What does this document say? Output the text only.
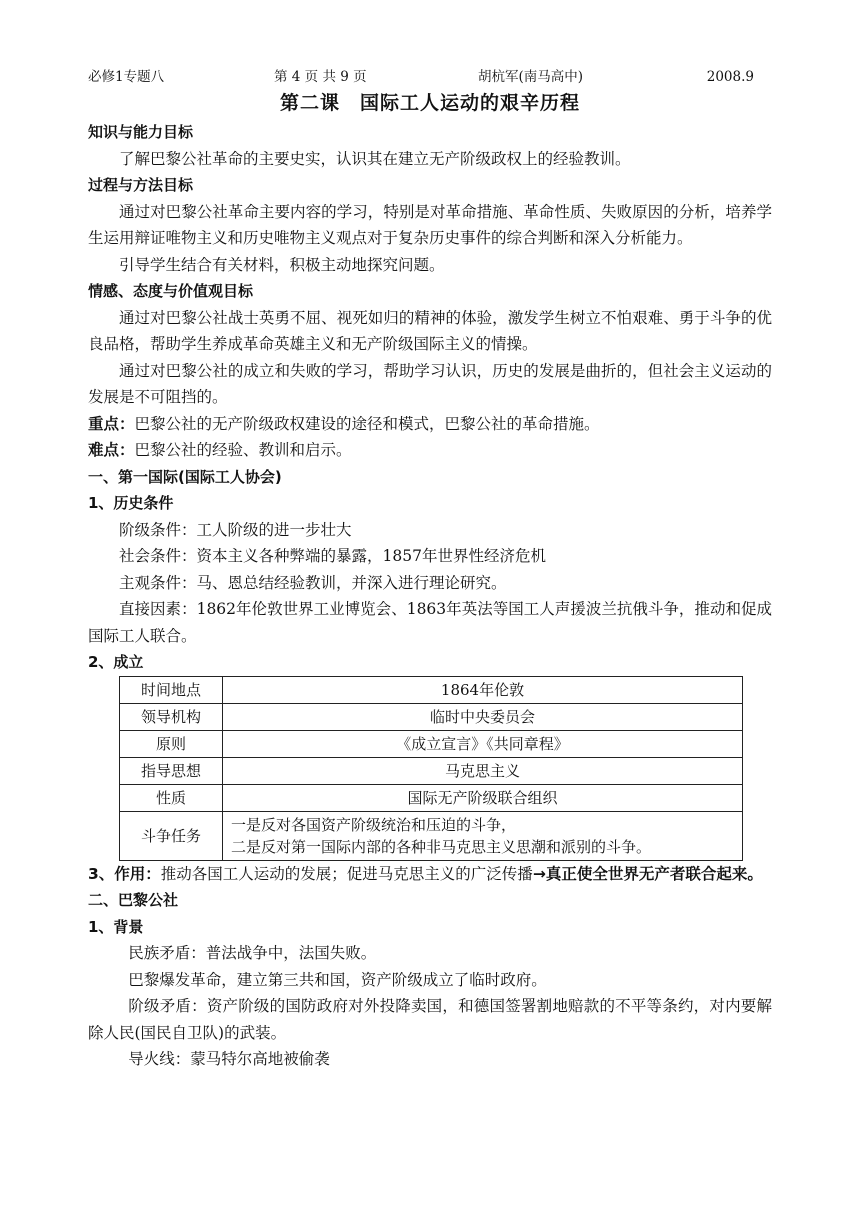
必修1专题八	第 4 页 共 9 页	胡杭军(南马高中)	2008.9
第二课　国际工人运动的艰辛历程

知识与能力目标

了解巴黎公社革命的主要史实，认识其在建立无产阶级政权上的经验教训。

过程与方法目标

通过对巴黎公社革命主要内容的学习，特别是对革命措施、革命性质、失败原因的分析，培养学生运用辩证唯物主义和历史唯物主义观点对于复杂历史事件的综合判断和深入分析能力。

引导学生结合有关材料，积极主动地探究问题。

情感、态度与价值观目标

通过对巴黎公社战士英勇不屈、视死如归的精神的体验，激发学生树立不怕艰难、勇于斗争的优良品格，帮助学生养成革命英雄主义和无产阶级国际主义的情操。

通过对巴黎公社的成立和失败的学习，帮助学习认识，历史的发展是曲折的，但社会主义运动的发展是不可阻挡的。

重点：巴黎公社的无产阶级政权建设的途径和模式，巴黎公社的革命措施。

难点：巴黎公社的经验、教训和启示。

一、第一国际(国际工人协会)

1、历史条件

阶级条件：工人阶级的进一步壮大

社会条件：资本主义各种弊端的暴露，1857年世界性经济危机

主观条件：马、恩总结经验教训，并深入进行理论研究。

直接因素：1862年伦敦世界工业博览会、1863年英法等国工人声援波兰抗俄斗争，推动和促成国际工人联合。

2、成立

时间地点	1864年伦敦
领导机构	临时中央委员会
原则	《成立宣言》《共同章程》
指导思想	马克思主义
性质	国际无产阶级联合组织
斗争任务	一是反对各国资产阶级统治和压迫的斗争，
二是反对第一国际内部的各种非马克思主义思潮和派别的斗争。

3、作用：推动各国工人运动的发展；促进马克思主义的广泛传播→真正使全世界无产者联合起来。

二、巴黎公社

1、背景

民族矛盾：普法战争中，法国失败。

巴黎爆发革命，建立第三共和国，资产阶级成立了临时政府。

阶级矛盾：资产阶级的国防政府对外投降卖国，和德国签署割地赔款的不平等条约，对内要解除人民(国民自卫队)的武装。

导火线：蒙马特尔高地被偷袭
